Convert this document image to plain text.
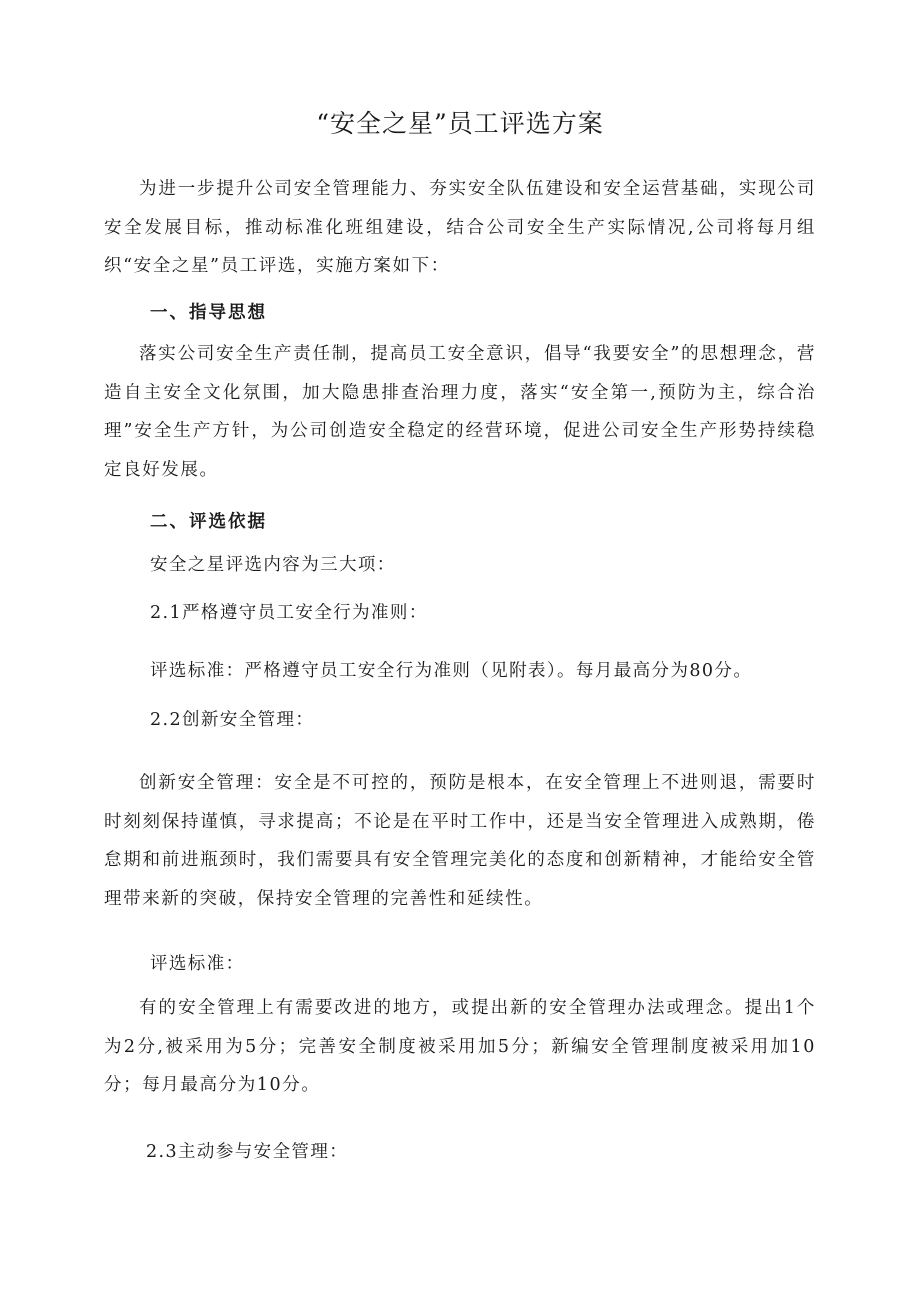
“安全之星”员工评选方案

为进一步提升公司安全管理能力、夯实安全队伍建设和安全运营基础，实现公司安全发展目标，推动标准化班组建设，结合公司安全生产实际情况,公司将每月组织“安全之星”员工评选，实施方案如下：

一、指导思想

落实公司安全生产责任制，提高员工安全意识，倡导“我要安全”的思想理念，营造自主安全文化氛围，加大隐患排查治理力度，落实“安全第一,预防为主，综合治理”安全生产方针，为公司创造安全稳定的经营环境，促进公司安全生产形势持续稳定良好发展。

二、评选依据

安全之星评选内容为三大项：

2.1严格遵守员工安全行为准则：

评选标准：严格遵守员工安全行为准则（见附表）。每月最高分为80分。

2.2创新安全管理：

创新安全管理：安全是不可控的，预防是根本，在安全管理上不进则退，需要时时刻刻保持谨慎，寻求提高；不论是在平时工作中，还是当安全管理进入成熟期，倦怠期和前进瓶颈时，我们需要具有安全管理完美化的态度和创新精神，才能给安全管理带来新的突破，保持安全管理的完善性和延续性。

评选标准：

有的安全管理上有需要改进的地方，或提出新的安全管理办法或理念。提出1个为2分,被采用为5分；完善安全制度被采用加5分；新编安全管理制度被采用加10分；每月最高分为10分。

2.3主动参与安全管理：
